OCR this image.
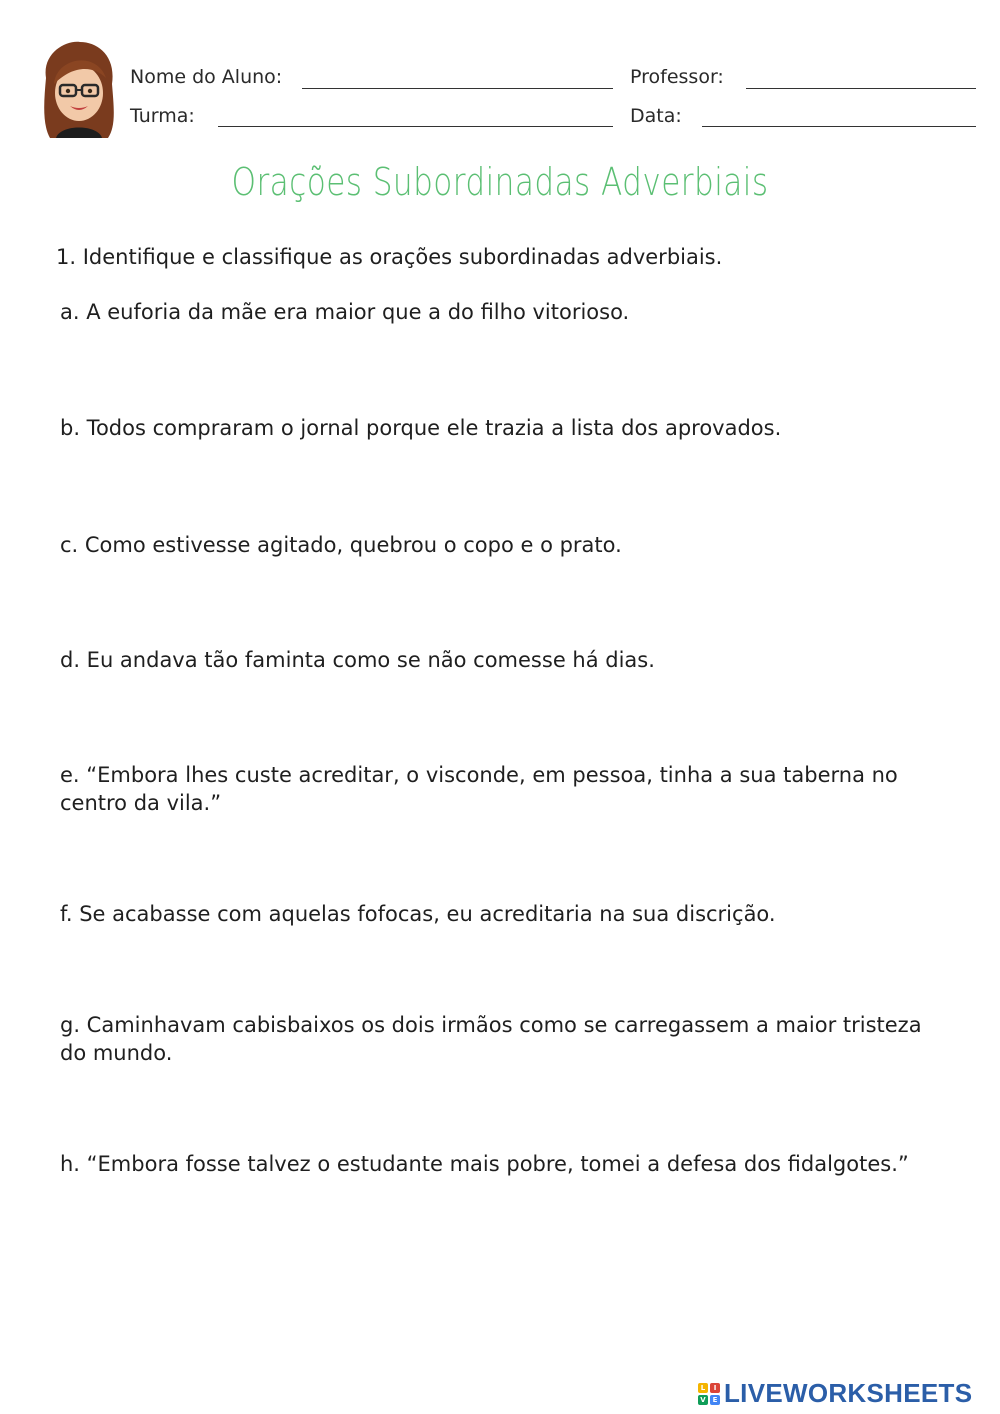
Nome do Aluno:	Professor:
Turma:	Data:
Orações Subordinadas Adverbiais
1. Identifique e classifique as orações subordinadas adverbiais.
a. A euforia da mãe era maior que a do filho vitorioso.
b. Todos compraram o jornal porque ele trazia a lista dos aprovados.
c. Como estivesse agitado, quebrou o copo e o prato.
d. Eu andava tão faminta como se não comesse há dias.
e. “Embora lhes custe acreditar, o visconde, em pessoa, tinha a sua taberna no centro da vila.”
f. Se acabasse com aquelas fofocas, eu acreditaria na sua discrição.
g. Caminhavam cabisbaixos os dois irmãos como se carregassem a maior tristeza do mundo.
h. “Embora fosse talvez o estudante mais pobre, tomei a defesa dos fidalgotes.”
L	I
V E LIVEWORKSHEETS
